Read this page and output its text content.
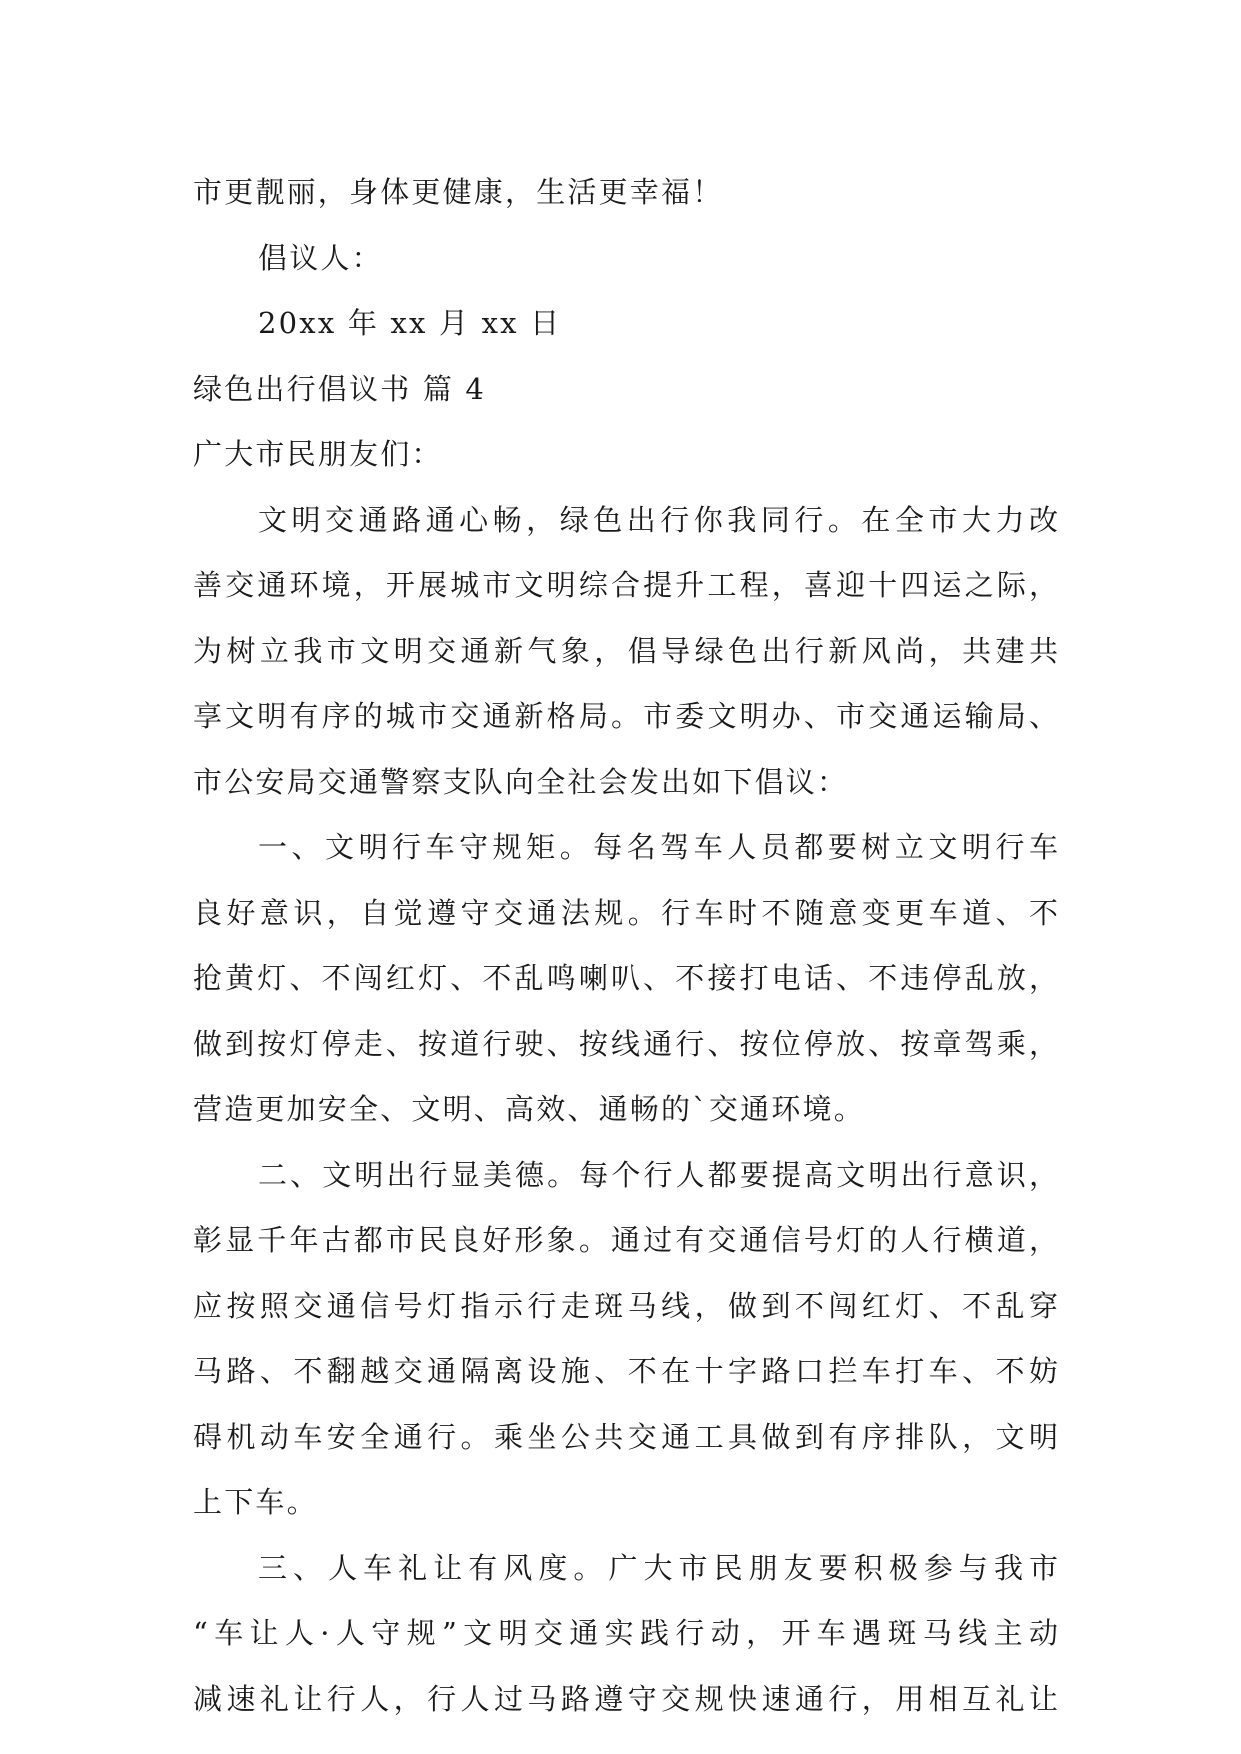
市更靓丽，身体更健康，生活更幸福！
倡议人：
20xx 年 xx 月 xx 日
绿色出行倡议书 篇 4
广大市民朋友们：
文明交通路通心畅，绿色出行你我同行。在全市大力改
善交通环境，开展城市文明综合提升工程，喜迎十四运之际，
为树立我市文明交通新气象，倡导绿色出行新风尚，共建共
享文明有序的城市交通新格局。市委文明办、市交通运输局、
市公安局交通警察支队向全社会发出如下倡议：
一、文明行车守规矩。每名驾车人员都要树立文明行车
良好意识，自觉遵守交通法规。行车时不随意变更车道、不
抢黄灯、不闯红灯、不乱鸣喇叭、不接打电话、不违停乱放，
做到按灯停走、按道行驶、按线通行、按位停放、按章驾乘，
营造更加安全、文明、高效、通畅的`交通环境。
二、文明出行显美德。每个行人都要提高文明出行意识，
彰显千年古都市民良好形象。通过有交通信号灯的人行横道，
应按照交通信号灯指示行走斑马线，做到不闯红灯、不乱穿
马路、不翻越交通隔离设施、不在十字路口拦车打车、不妨
碍机动车安全通行。乘坐公共交通工具做到有序排队，文明
上下车。
三、人车礼让有风度。广大市民朋友要积极参与我市
“车让人·人守规”文明交通实践行动，开车遇斑马线主动
减速礼让行人，行人过马路遵守交规快速通行，用相互礼让
